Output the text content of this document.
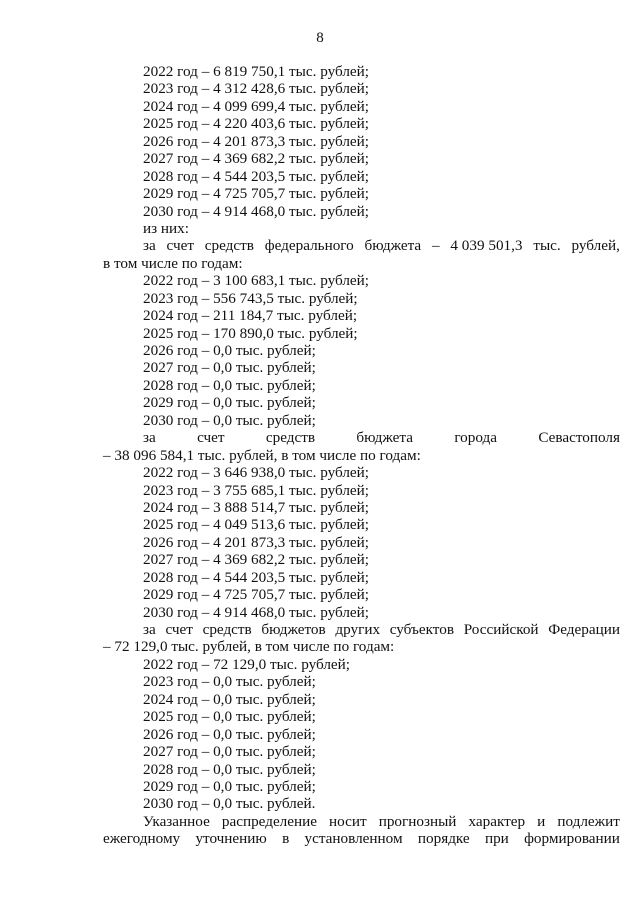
8
2022 год – 6 819 750,1 тыс. рублей;
2023 год – 4 312 428,6 тыс. рублей;
2024 год – 4 099 699,4 тыс. рублей;
2025 год – 4 220 403,6 тыс. рублей;
2026 год – 4 201 873,3 тыс. рублей;
2027 год – 4 369 682,2 тыс. рублей;
2028 год – 4 544 203,5 тыс. рублей;
2029 год – 4 725 705,7 тыс. рублей;
2030 год – 4 914 468,0 тыс. рублей;
из них:
за счет средств федерального бюджета – 4 039 501,3 тыс. рублей,
в том числе по годам:
2022 год – 3 100 683,1 тыс. рублей;
2023 год – 556 743,5 тыс. рублей;
2024 год – 211 184,7 тыс. рублей;
2025 год – 170 890,0 тыс. рублей;
2026 год – 0,0 тыс. рублей;
2027 год – 0,0 тыс. рублей;
2028 год – 0,0 тыс. рублей;
2029 год – 0,0 тыс. рублей;
2030 год – 0,0 тыс. рублей;
за	счет	средств	бюджета	города	Севастополя
– 38 096 584,1 тыс. рублей, в том числе по годам:
2022 год – 3 646 938,0 тыс. рублей;
2023 год – 3 755 685,1 тыс. рублей;
2024 год – 3 888 514,7 тыс. рублей;
2025 год – 4 049 513,6 тыс. рублей;
2026 год – 4 201 873,3 тыс. рублей;
2027 год – 4 369 682,2 тыс. рублей;
2028 год – 4 544 203,5 тыс. рублей;
2029 год – 4 725 705,7 тыс. рублей;
2030 год – 4 914 468,0 тыс. рублей;
за счет средств бюджетов других субъектов Российской Федерации
– 72 129,0 тыс. рублей, в том числе по годам:
2022 год – 72 129,0 тыс. рублей;
2023 год – 0,0 тыс. рублей;
2024 год – 0,0 тыс. рублей;
2025 год – 0,0 тыс. рублей;
2026 год – 0,0 тыс. рублей;
2027 год – 0,0 тыс. рублей;
2028 год – 0,0 тыс. рублей;
2029 год – 0,0 тыс. рублей;
2030 год – 0,0 тыс. рублей.
Указанное распределение носит прогнозный характер и подлежит
ежегодному уточнению в установленном порядке при формировании
